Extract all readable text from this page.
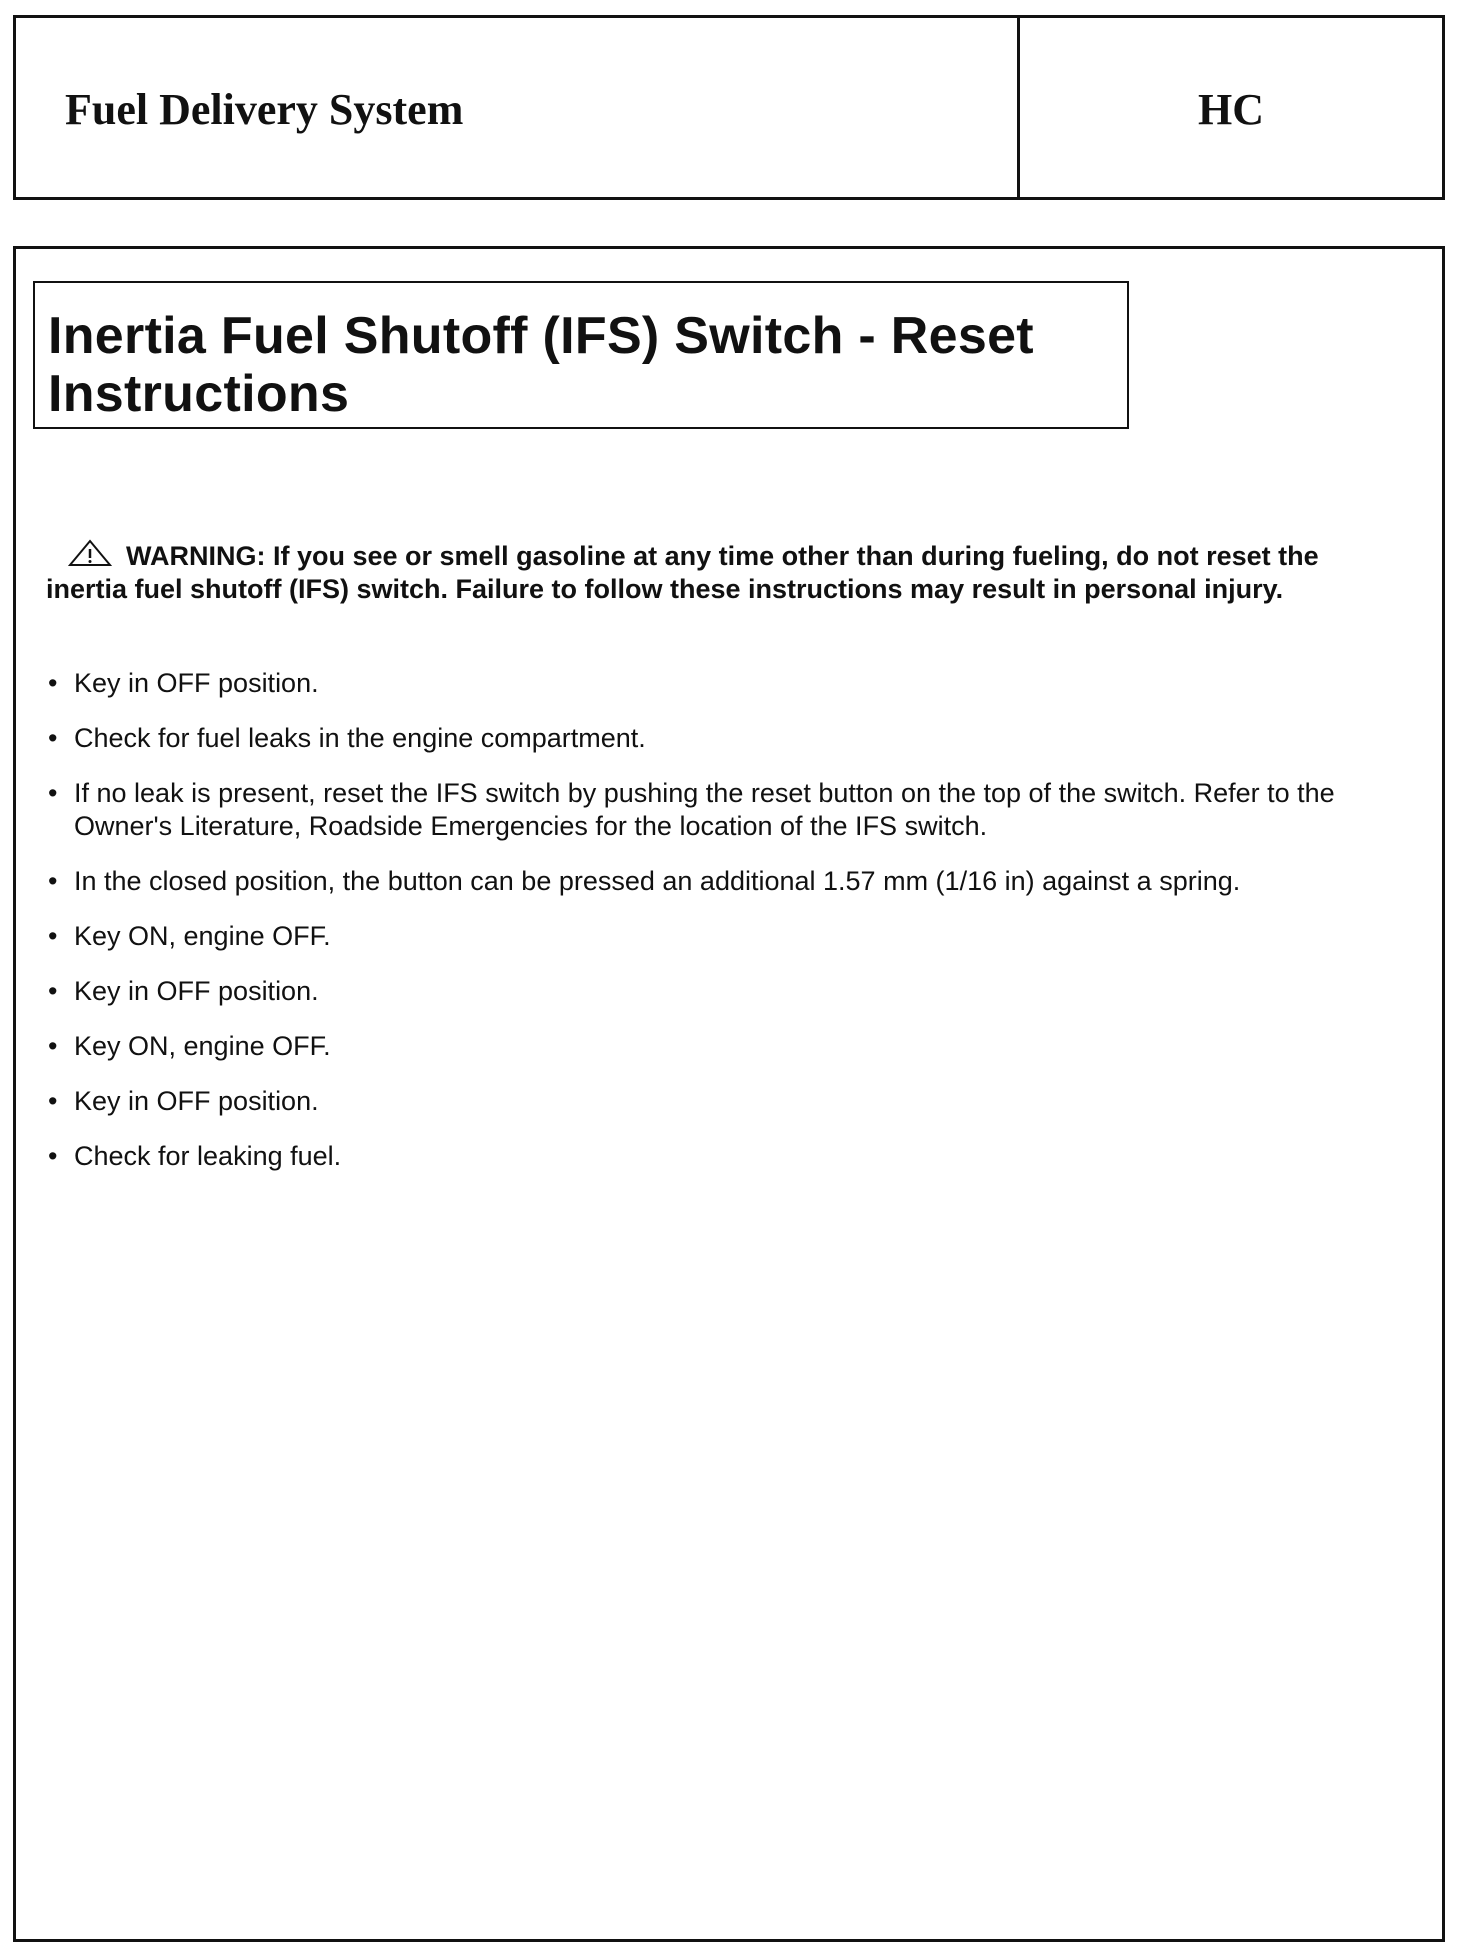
Fuel Delivery System	HC
Inertia Fuel Shutoff (IFS) Switch - Reset
Instructions

WARNING: If you see or smell gasoline at any time other than during fueling, do not reset the inertia fuel shutoff (IFS) switch. Failure to follow these instructions may result in personal injury.

• Key in OFF position.
• Check for fuel leaks in the engine compartment.
• If no leak is present, reset the IFS switch by pushing the reset button on the top of the switch. Refer to the Owner's Literature, Roadside Emergencies for the location of the IFS switch.
• In the closed position, the button can be pressed an additional 1.57 mm (1/16 in) against a spring.
• Key ON, engine OFF.
• Key in OFF position.
• Key ON, engine OFF.
• Key in OFF position.
• Check for leaking fuel.
